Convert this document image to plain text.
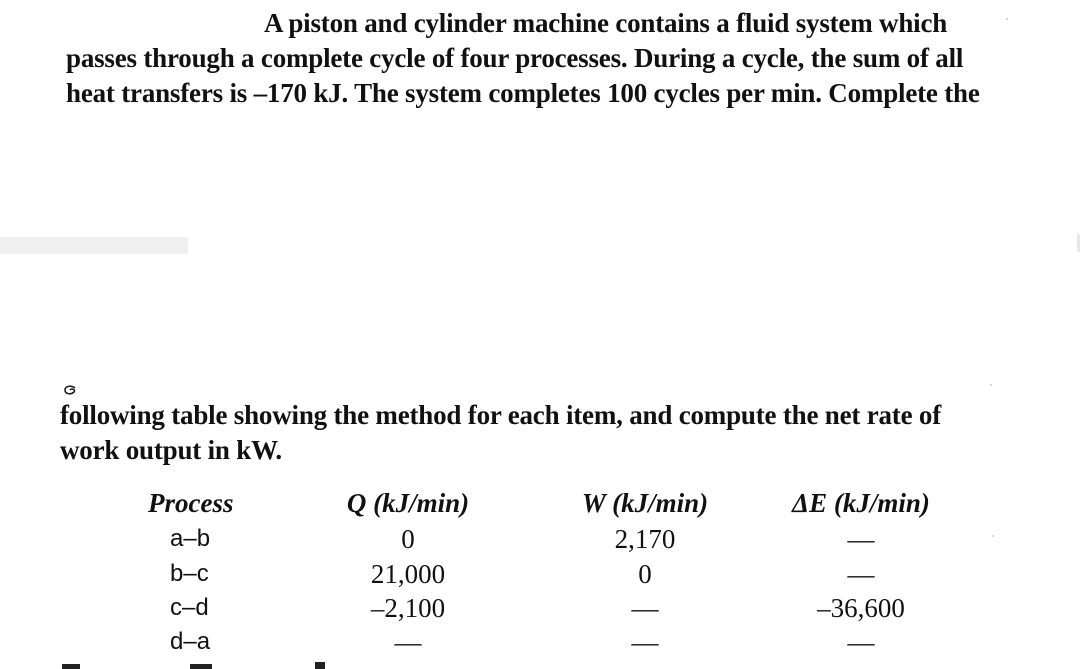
A piston and cylinder machine contains a fluid system which
passes through a complete cycle of four processes. During a cycle, the sum of all
heat transfers is –170 kJ. The system completes 100 cycles per min. Complete the
following table showing the method for each item, and compute the net rate of
work output in kW.
Process	Q (kJ/min)	W (kJ/min)	ΔE (kJ/min)
a–b	0	2,170	—
b–c	21,000	0	—
c–d	–2,100	—	–36,600
d–a	—	—	—
